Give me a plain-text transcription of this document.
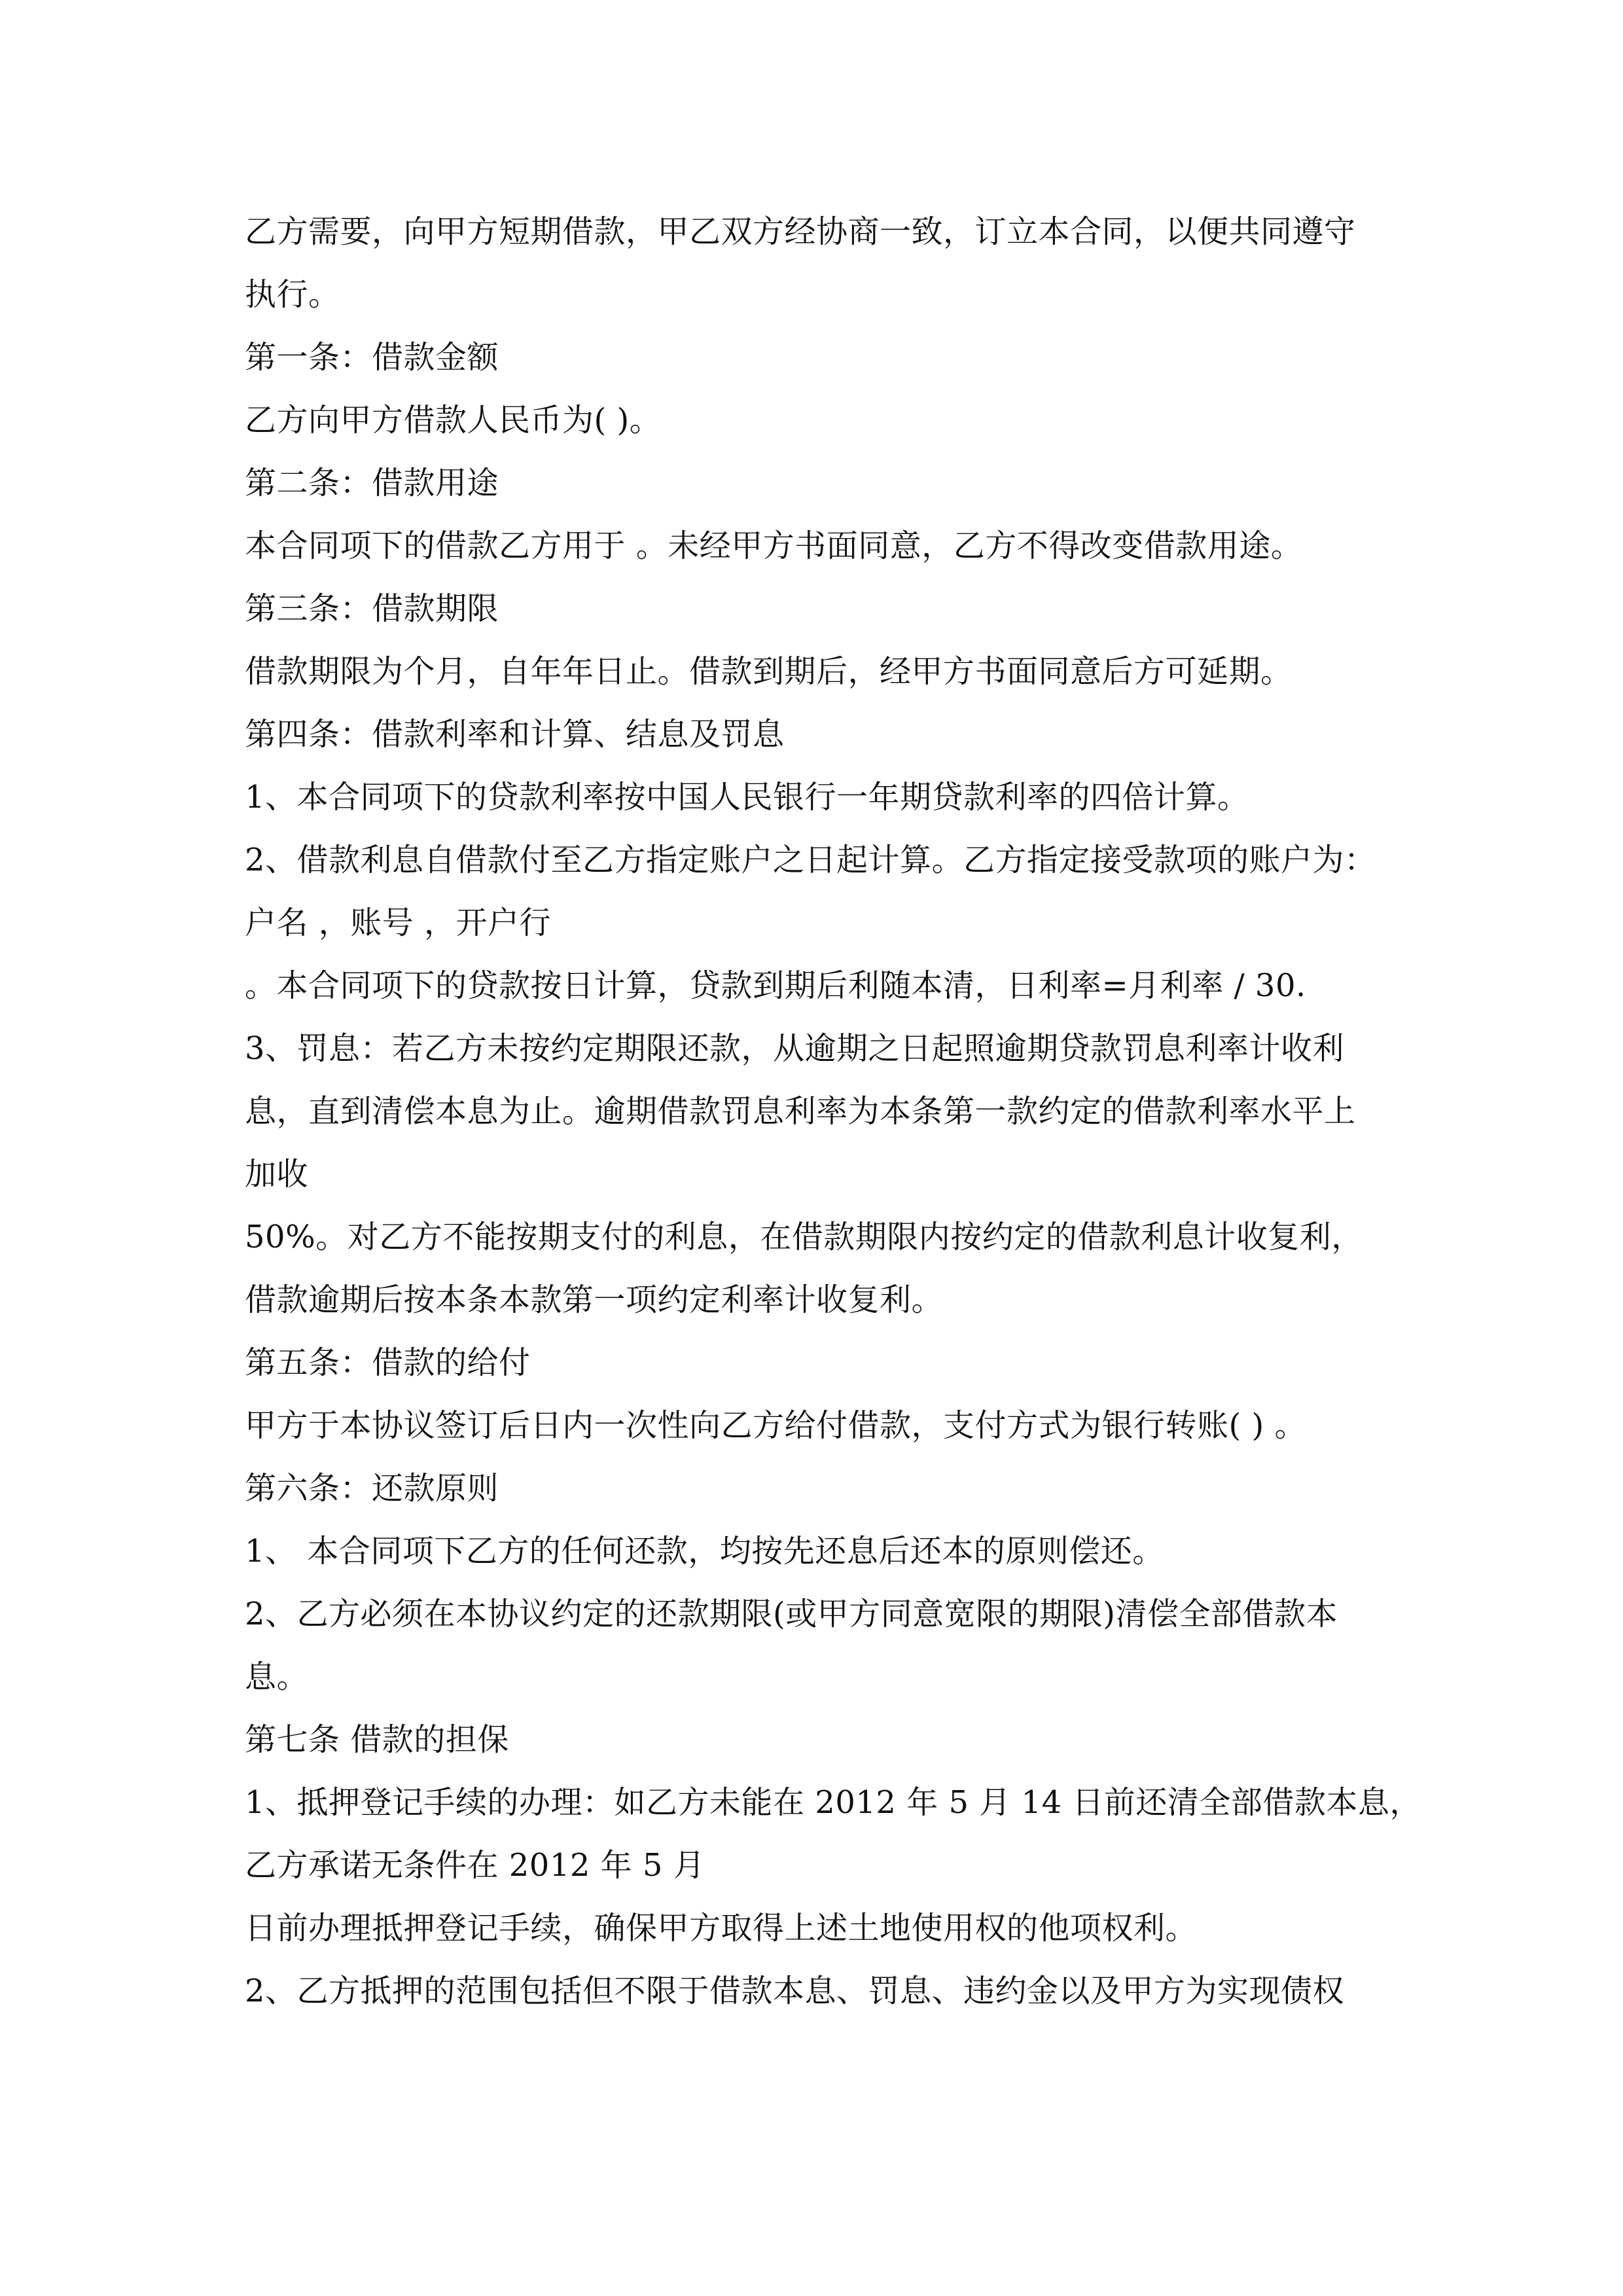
乙方需要，向甲方短期借款，甲乙双方经协商一致，订立本合同，以便共同遵守
执行。
第一条：借款金额
乙方向甲方借款人民币为( )。
第二条：借款用途
本合同项下的借款乙方用于 。未经甲方书面同意，乙方不得改变借款用途。
第三条：借款期限
借款期限为个月，自年年日止。借款到期后，经甲方书面同意后方可延期。
第四条：借款利率和计算、结息及罚息
1、本合同项下的贷款利率按中国人民银行一年期贷款利率的四倍计算。
2、借款利息自借款付至乙方指定账户之日起计算。乙方指定接受款项的账户为：
户名 ，账号 ，开户行
。本合同项下的贷款按日计算，贷款到期后利随本清，日利率=月利率 / 30.
3、罚息：若乙方未按约定期限还款，从逾期之日起照逾期贷款罚息利率计收利
息，直到清偿本息为止。逾期借款罚息利率为本条第一款约定的借款利率水平上
加收
50%。对乙方不能按期支付的利息，在借款期限内按约定的借款利息计收复利，
借款逾期后按本条本款第一项约定利率计收复利。
第五条：借款的给付
甲方于本协议签订后日内一次性向乙方给付借款，支付方式为银行转账( ) 。
第六条：还款原则
1、 本合同项下乙方的任何还款，均按先还息后还本的原则偿还。
2、乙方必须在本协议约定的还款期限(或甲方同意宽限的期限)清偿全部借款本
息。
第七条 借款的担保
1、抵押登记手续的办理：如乙方未能在 2012 年 5 月 14 日前还清全部借款本息，
乙方承诺无条件在 2012 年 5 月
日前办理抵押登记手续，确保甲方取得上述土地使用权的他项权利。
2、乙方抵押的范围包括但不限于借款本息、罚息、违约金以及甲方为实现债权
